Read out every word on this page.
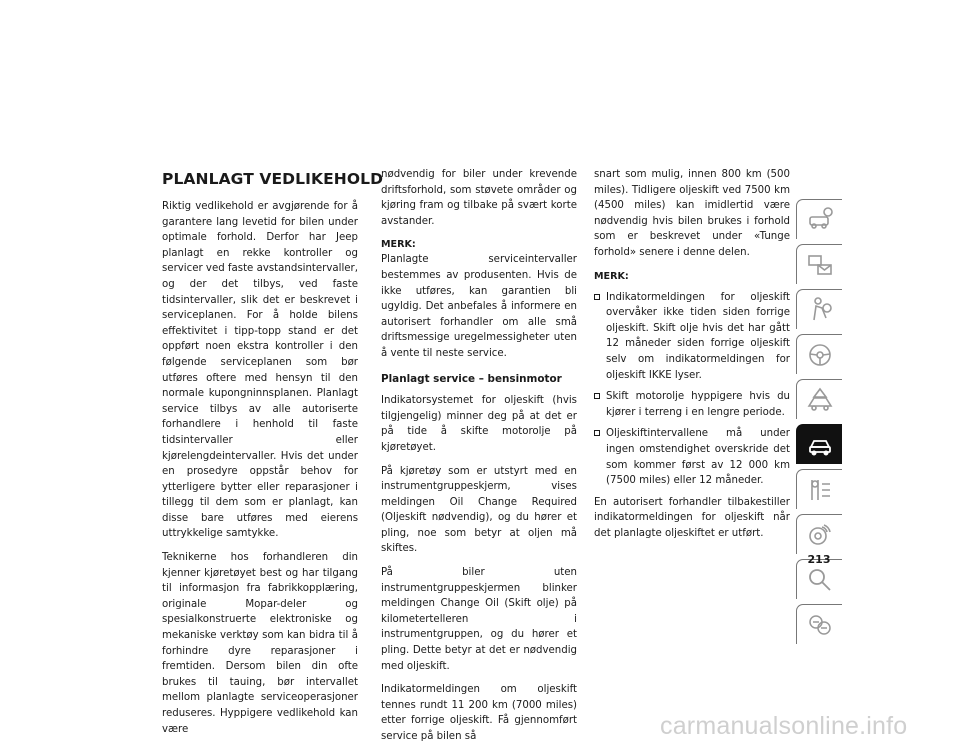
PLANLAGT VEDLIKEHOLD

Riktig vedlikehold er avgjørende for å garantere lang levetid for bilen under optimale forhold. Derfor har Jeep planlagt en rekke kontroller og servicer ved faste avstandsintervaller, og der det tilbys, ved faste tidsintervaller, slik det er beskrevet i serviceplanen. For å holde bilens effektivitet i tipp-topp stand er det oppført noen ekstra kontroller i den følgende serviceplanen som bør utføres oftere med hensyn til den normale kupongninnsplanen. Planlagt service tilbys av alle autoriserte forhandlere i henhold til faste tidsintervaller eller kjørelengdeintervaller. Hvis det under en prosedyre oppstår behov for ytterligere bytter eller reparasjoner i tillegg til dem som er planlagt, kan disse bare utføres med eierens uttrykkelige samtykke.

Teknikerne hos forhandleren din kjenner kjøretøyet best og har tilgang til informasjon fra fabrikkopplæring, originale Mopar-deler og spesialkonstruerte elektroniske og mekaniske verktøy som kan bidra til å forhindre dyre reparasjoner i fremtiden. Dersom bilen din ofte brukes til tauing, bør intervallet mellom planlagte serviceoperasjoner reduseres. Hyppigere vedlikehold kan være

nødvendig for biler under krevende driftsforhold, som støvete områder og kjøring fram og tilbake på svært korte avstander.

MERK:

Planlagte serviceintervaller bestemmes av produsenten. Hvis de ikke utføres, kan garantien bli ugyldig. Det anbefales å informere en autorisert forhandler om alle små driftsmessige uregelmessigheter uten å vente til neste service.

Planlagt service – bensinmotor

Indikatorsystemet for oljeskift (hvis tilgjengelig) minner deg på at det er på tide å skifte motorolje på kjøretøyet.

På kjøretøy som er utstyrt med en instrumentgruppeskjerm, vises meldingen Oil Change Required (Oljeskift nødvendig), og du hører et pling, noe som betyr at oljen må skiftes.

På biler uten instrumentgruppeskjermen blinker meldingen Change Oil (Skift olje) på kilometertelleren i instrumentgruppen, og du hører et pling. Dette betyr at det er nødvendig med oljeskift.

Indikatormeldingen om oljeskift tennes rundt 11 200 km (7000 miles) etter forrige oljeskift. Få gjennomført service på bilen så

snart som mulig, innen 800 km (500 miles). Tidligere oljeskift ved 7500 km (4500 miles) kan imidlertid være nødvendig hvis bilen brukes i forhold som er beskrevet under «Tunge forhold» senere i denne delen.

MERK:
Indikatormeldingen for oljeskift overvåker ikke tiden siden forrige oljeskift. Skift olje hvis det har gått 12 måneder siden forrige oljeskift selv om indikatormeldingen for oljeskift IKKE lyser.
Skift motorolje hyppigere hvis du kjører i terreng i en lengre periode.
Oljeskiftintervallene må under ingen omstendighet overskride det som kommer først av 12 000 km (7500 miles) eller 12 måneder.

En autorisert forhandler tilbakestiller indikatormeldingen for oljeskift når det planlagte oljeskiftet er utført.

213
carmanualsonline.info
